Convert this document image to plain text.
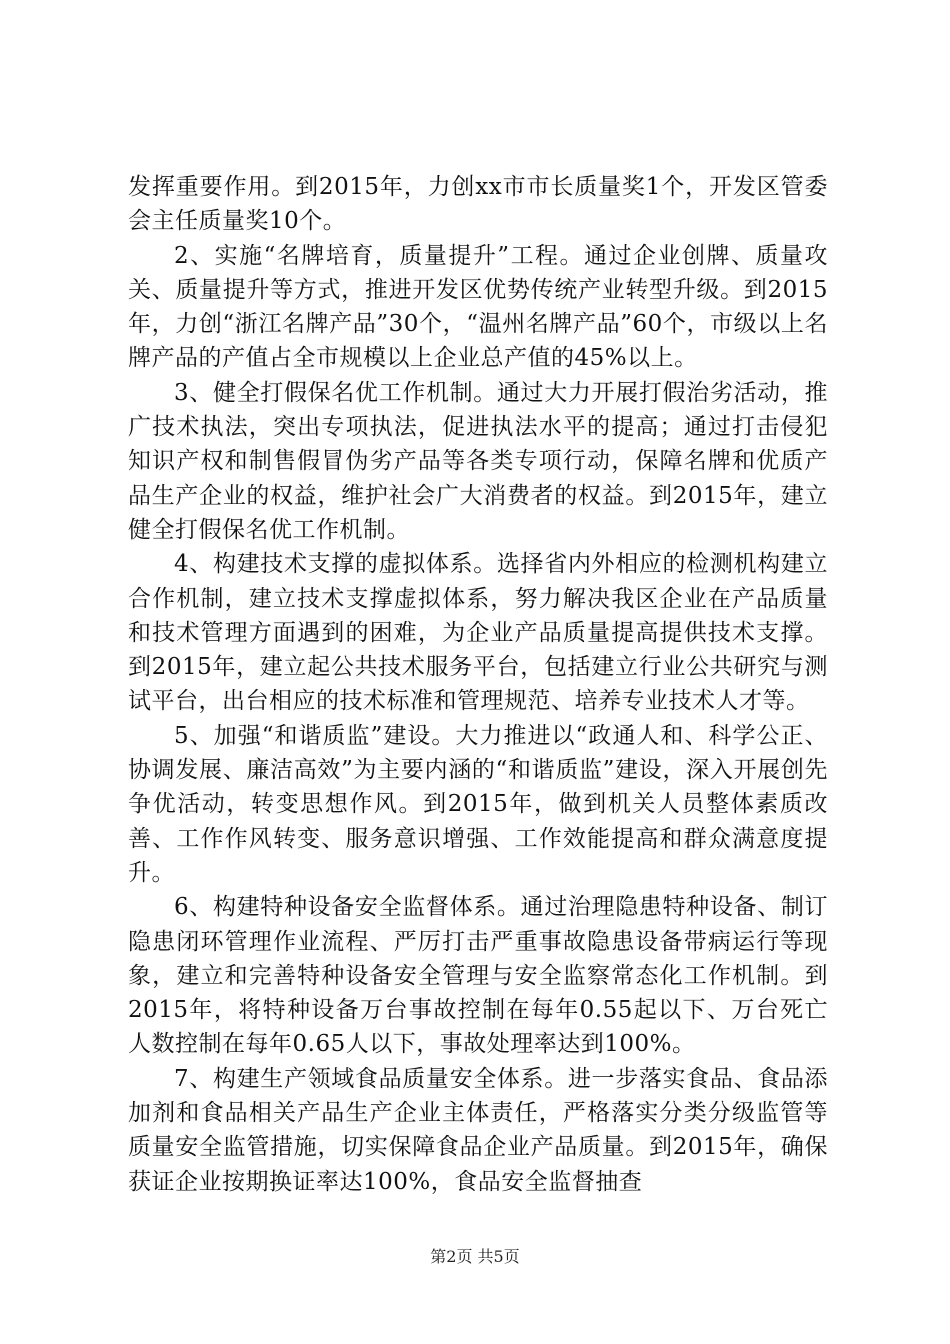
发挥重要作用。到2015年，力创xx市市长质量奖1个，开发区管委会主任质量奖10个。

2、实施“名牌培育，质量提升”工程。通过企业创牌、质量攻关、质量提升等方式，推进开发区优势传统产业转型升级。到2015年，力创“浙江名牌产品”30个，“温州名牌产品”60个，市级以上名牌产品的产值占全市规模以上企业总产值的45%以上。

3、健全打假保名优工作机制。通过大力开展打假治劣活动，推广技术执法，突出专项执法，促进执法水平的提高；通过打击侵犯知识产权和制售假冒伪劣产品等各类专项行动，保障名牌和优质产品生产企业的权益，维护社会广大消费者的权益。到2015年，建立健全打假保名优工作机制。

4、构建技术支撑的虚拟体系。选择省内外相应的检测机构建立合作机制，建立技术支撑虚拟体系，努力解决我区企业在产品质量和技术管理方面遇到的困难，为企业产品质量提高提供技术支撑。到2015年，建立起公共技术服务平台，包括建立行业公共研究与测试平台，出台相应的技术标准和管理规范、培养专业技术人才等。

5、加强“和谐质监”建设。大力推进以“政通人和、科学公正、协调发展、廉洁高效”为主要内涵的“和谐质监”建设，深入开展创先争优活动，转变思想作风。到2015年，做到机关人员整体素质改善、工作作风转变、服务意识增强、工作效能提高和群众满意度提升。

6、构建特种设备安全监督体系。通过治理隐患特种设备、制订隐患闭环管理作业流程、严厉打击严重事故隐患设备带病运行等现象，建立和完善特种设备安全管理与安全监察常态化工作机制。到2015年，将特种设备万台事故控制在每年0.55起以下、万台死亡人数控制在每年0.65人以下，事故处理率达到100%。

7、构建生产领域食品质量安全体系。进一步落实食品、食品添加剂和食品相关产品生产企业主体责任，严格落实分类分级监管等质量安全监管措施，切实保障食品企业产品质量。到2015年，确保获证企业按期换证率达100%，食品安全监督抽查

第2页 共5页
